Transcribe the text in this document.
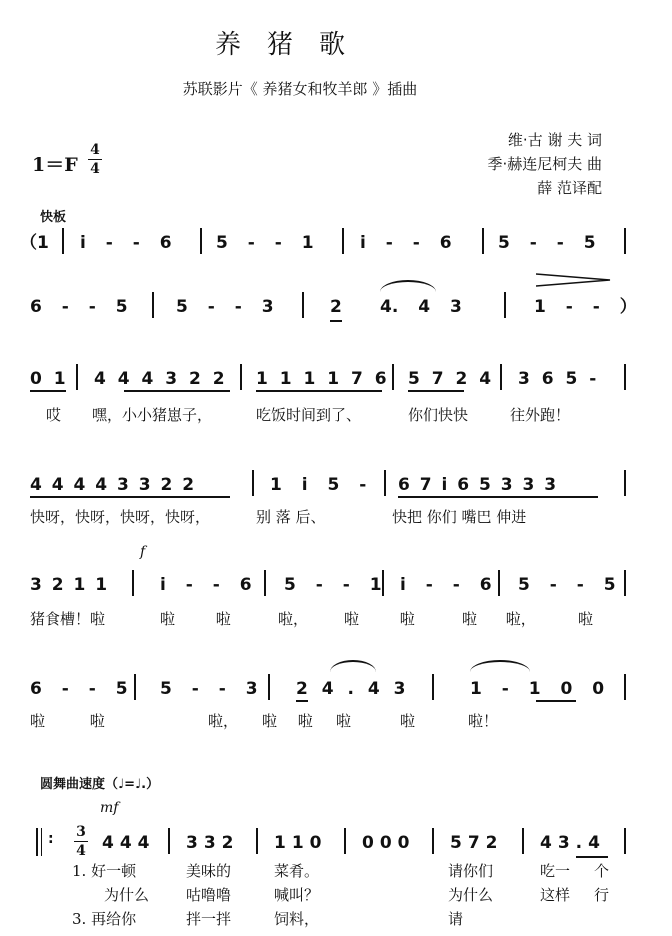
养猪歌
苏联影片《 养猪女和牧羊郎 》插曲
1＝F
4
4
维·古 谢 夫 词
季·赫连尼柯夫 曲
薛 范译配
快板
（1 i - - 6	5 - - 1	i - - 6	5 - - 5
6 - - 5	5 - - 3	2 4. 4 3	1 - - ）
0 1 4 4 4 3 2 2 1 1 1 1 7 6 5 7 2 4 3 6 5 -
哎 嘿，小小猪崽子，	吃饭时间到了、	你们快快	往外跑！
4 4 4 4 3 3 2 2	1 i 5 - 6 7 i 6 5 3 3 3
快呀，快呀，快呀，快呀，	别 落 后、	快把 你们 嘴巴 伸进
f
3 2 1 1	i - - 6 5 - - 1 i - - 6 5 - - 5
猪食槽！啦	啦 啦	啦， 啦 啦	啦 啦，	啦
6 - - 5 5 - - 3 2 4 . 4 3	1 - 1 0 0
啦 啦	啦， 啦 啦 啦	啦	啦！
圆舞曲速度（♩=♩.）
mf
: 3
4 444 332 110 000 572 43.4
1. 好一顿	美味的	菜肴。	请你们	吃一 个
为什么 咕噜噜	喊叫？	为什么	这样 行
3. 再给你	拌一拌	饲料，	请
